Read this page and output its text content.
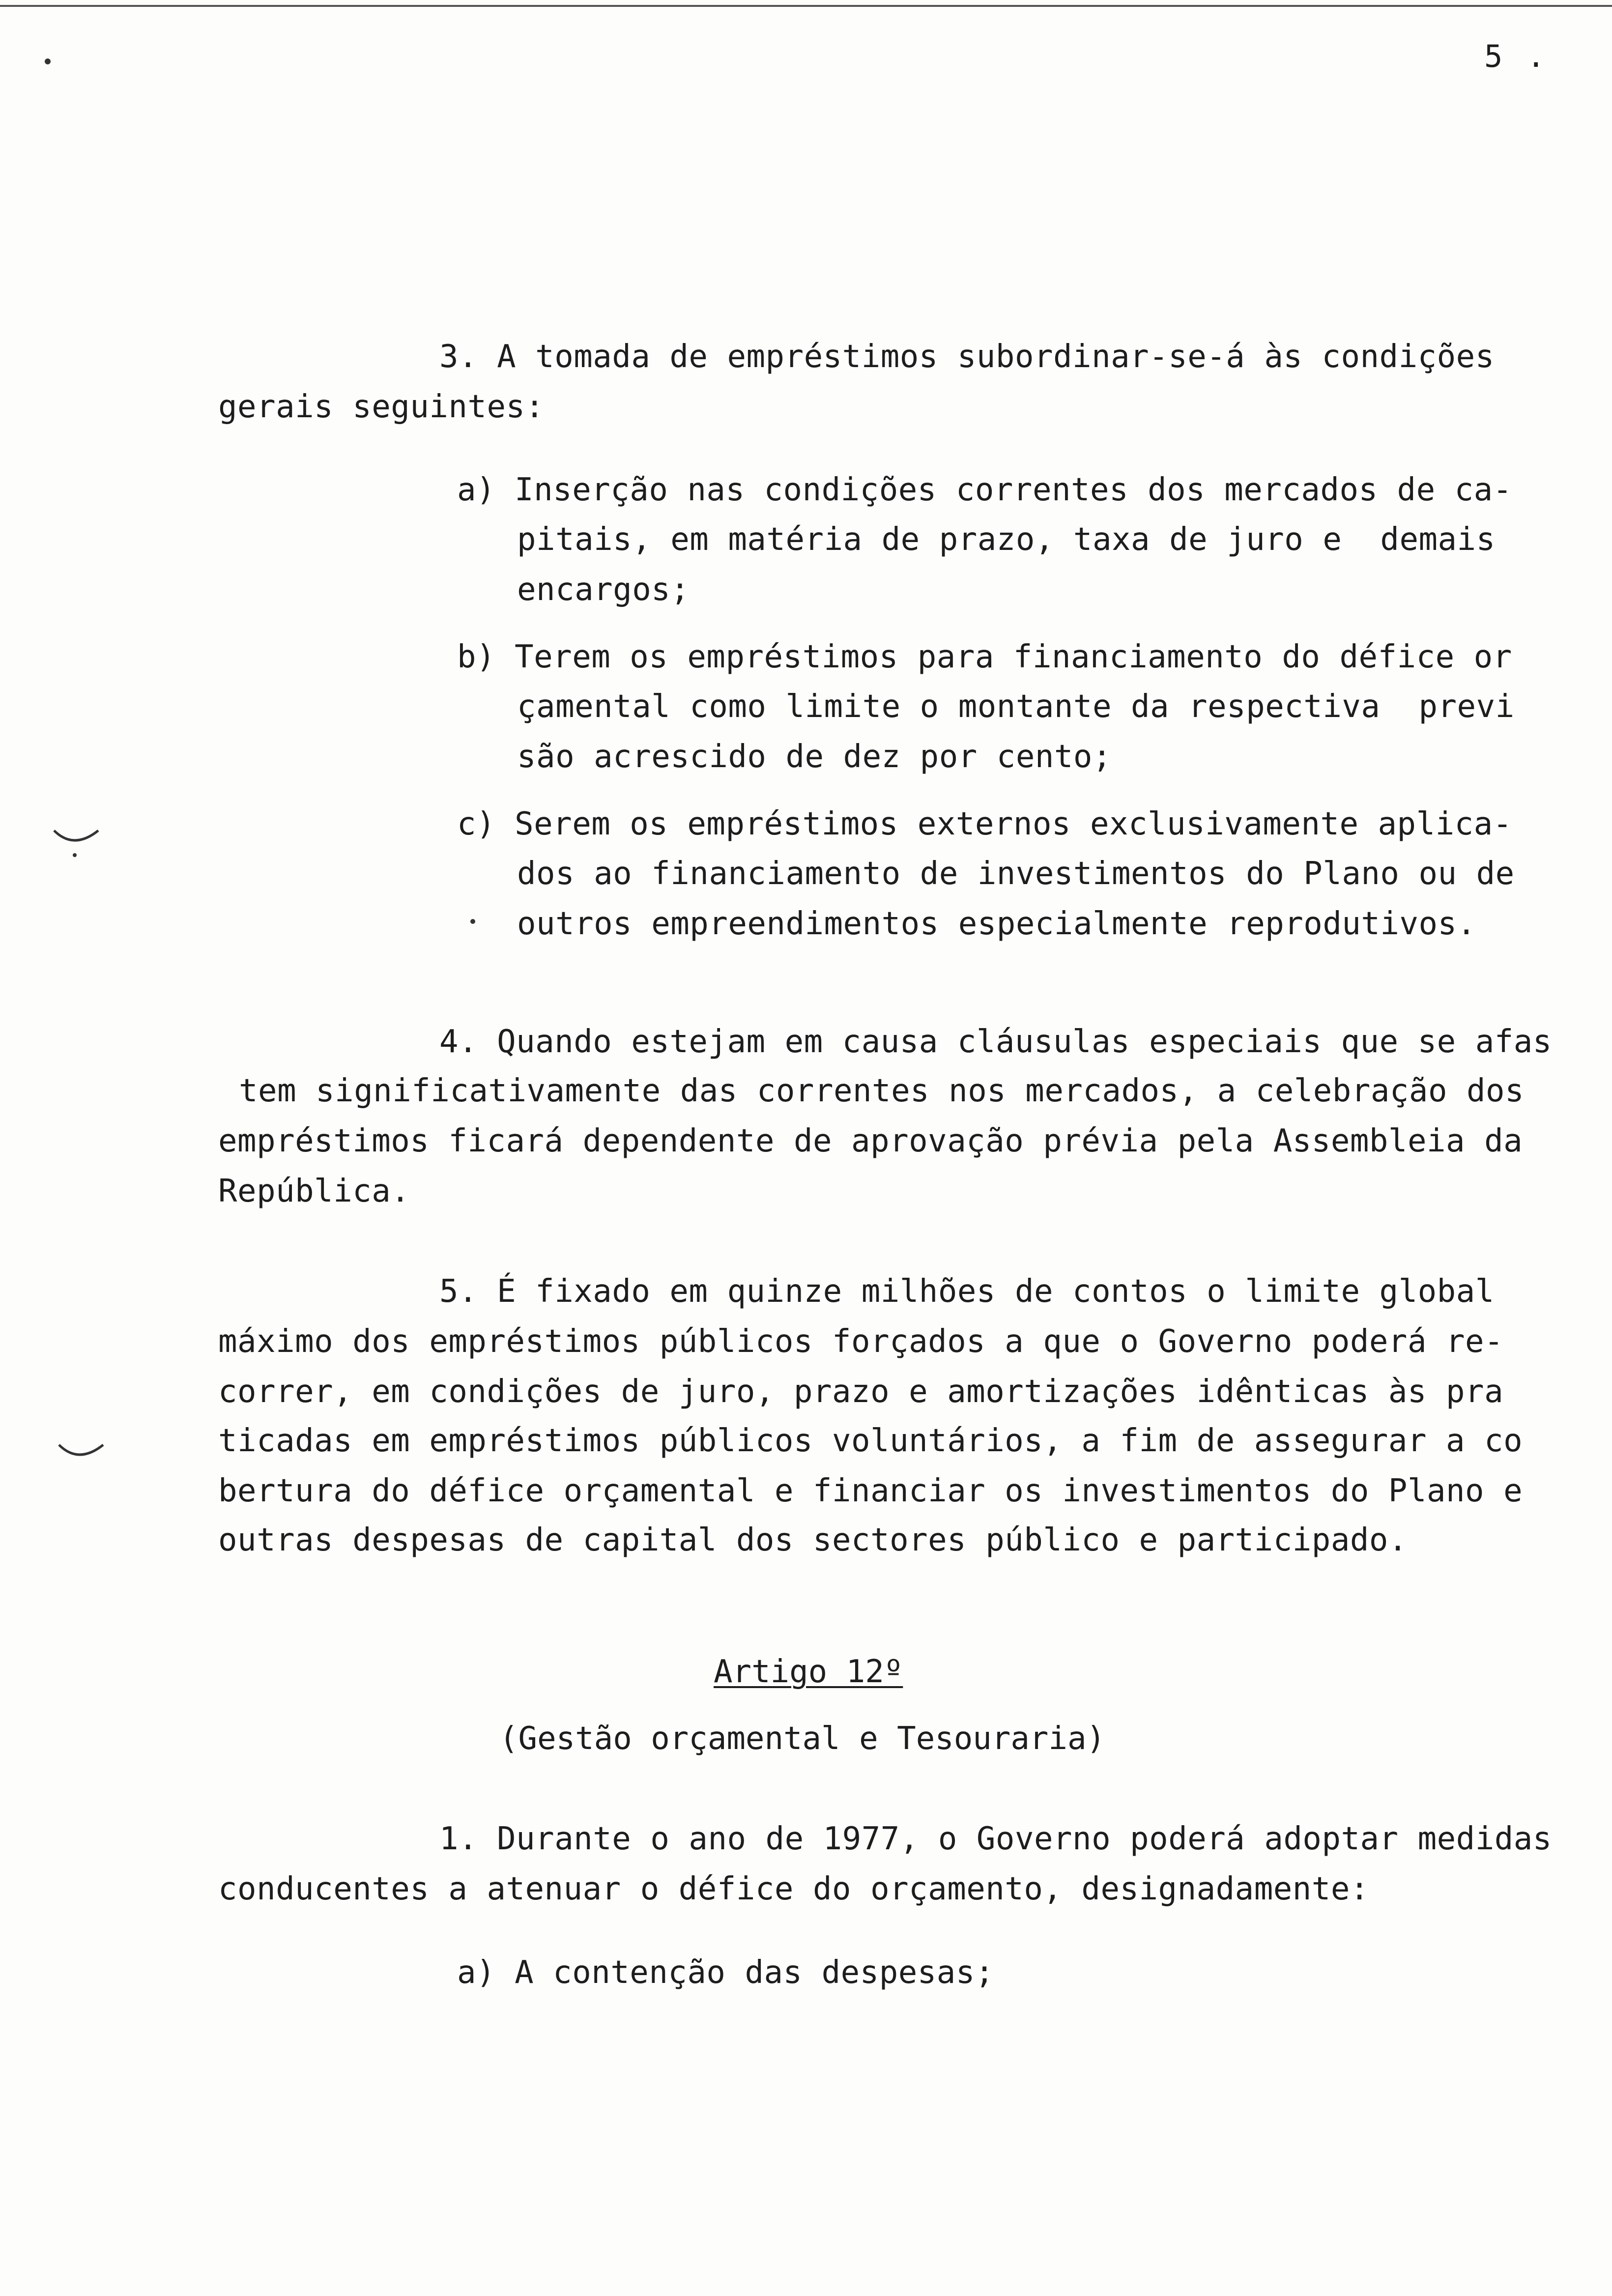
5 .
3. A tomada de empréstimos subordinar-se-á às condições
gerais seguintes:
a) Inserção nas condições correntes dos mercados de ca-
pitais, em matéria de prazo, taxa de juro e  demais
encargos;
b) Terem os empréstimos para financiamento do défice or
çamental como limite o montante da respectiva  previ
são acrescido de dez por cento;
c) Serem os empréstimos externos exclusivamente aplica-
dos ao financiamento de investimentos do Plano ou de
outros empreendimentos especialmente reprodutivos.
4. Quando estejam em causa cláusulas especiais que se afas
tem significativamente das correntes nos mercados, a celebração dos
empréstimos ficará dependente de aprovação prévia pela Assembleia da
República.
5. É fixado em quinze milhões de contos o limite global
máximo dos empréstimos públicos forçados a que o Governo poderá re-
correr, em condições de juro, prazo e amortizações idênticas às pra
ticadas em empréstimos públicos voluntários, a fim de assegurar a co
bertura do défice orçamental e financiar os investimentos do Plano e
outras despesas de capital dos sectores público e participado.
Artigo 12º
(Gestão orçamental e Tesouraria)
1. Durante o ano de 1977, o Governo poderá adoptar medidas
conducentes a atenuar o défice do orçamento, designadamente:
a) A contenção das despesas;
